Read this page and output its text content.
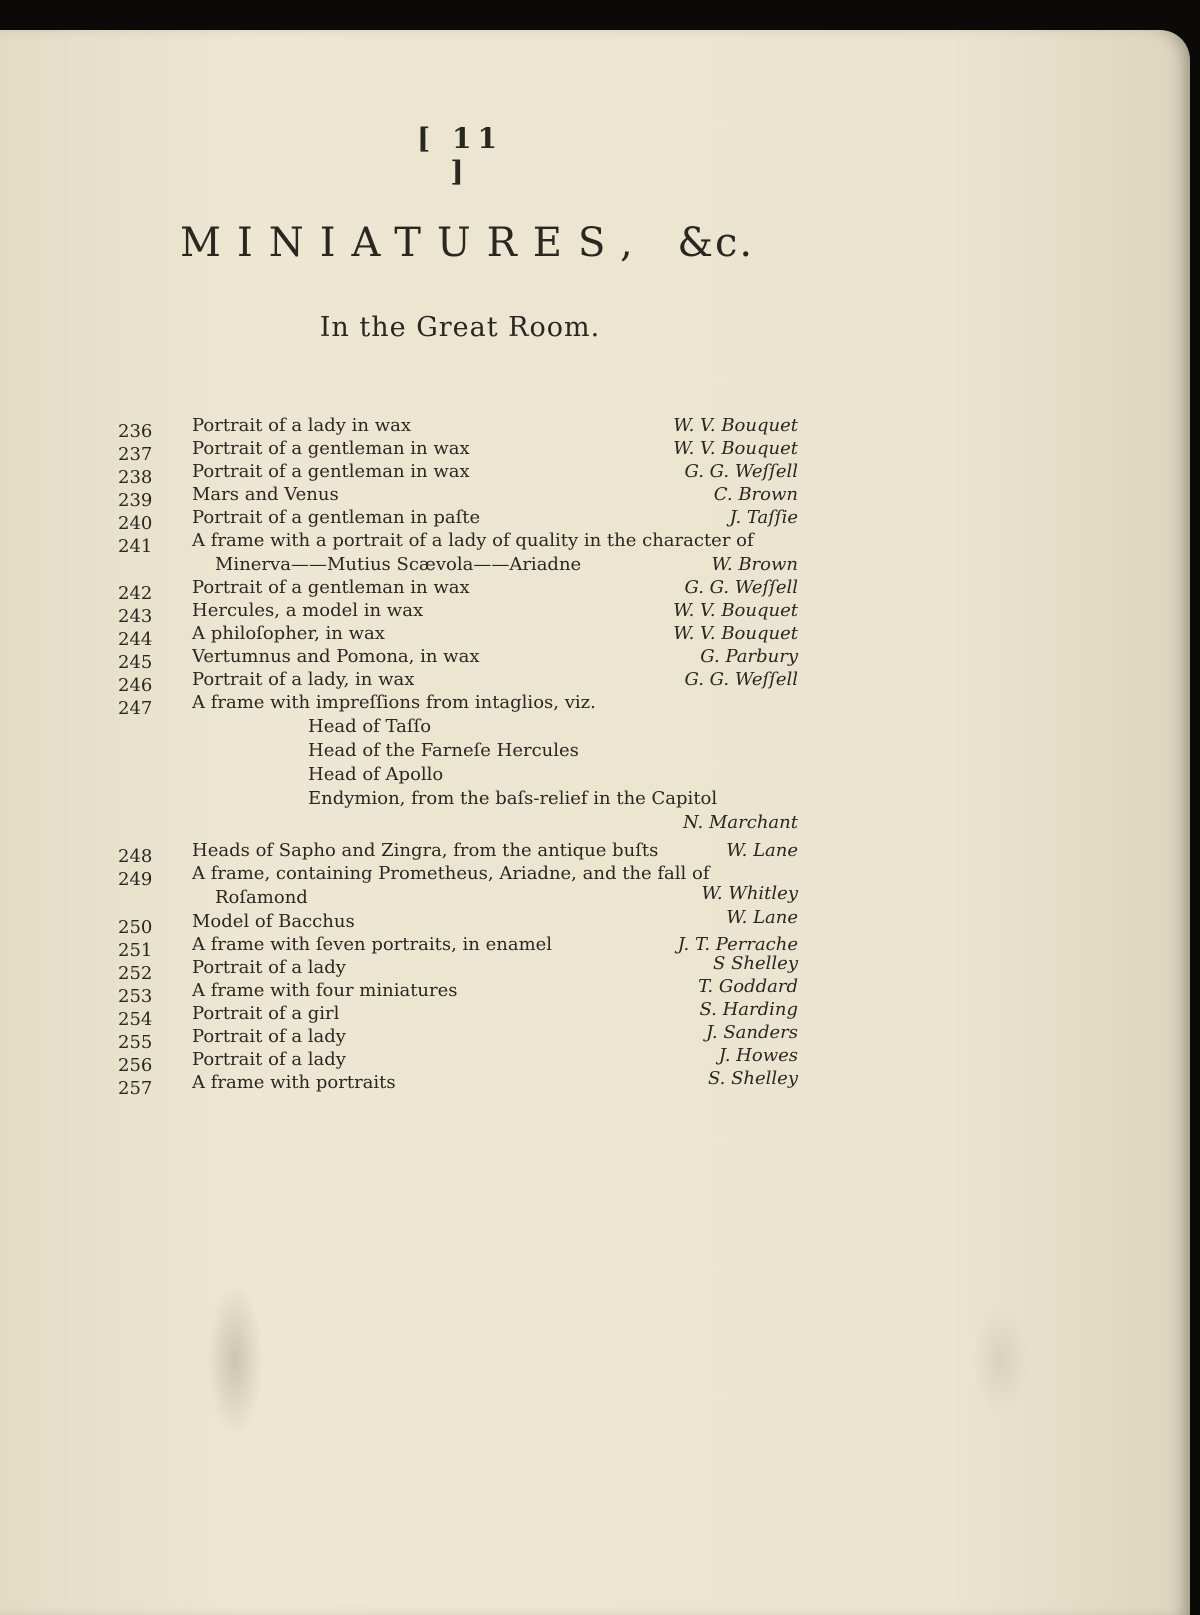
[ 11 ]
MINIATURES, &c.
In the Great Room.
236	Portrait of a lady in wax	W. V. Bouquet
237	Portrait of a gentleman in wax	W. V. Bouquet
238	Portrait of a gentleman in wax	G. G. Weſſell
239	Mars and Venus	C. Brown
240	Portrait of a gentleman in paſte	J. Taſſie
241	A frame with a portrait of a lady of quality in the character of
Minerva——Mutius Scævola——Ariadne	W. Brown
242	Portrait of a gentleman in wax	G. G. Weſſell
243	Hercules, a model in wax	W. V. Bouquet
244	A philoſopher, in wax	W. V. Bouquet
245	Vertumnus and Pomona, in wax	G. Parbury
246	Portrait of a lady, in wax	G. G. Weſſell
247	A frame with impreſſions from intaglios, viz.
Head of Taſſo
Head of the Farneſe Hercules
Head of Apollo
Endymion, from the baſs-relief in the Capitol
N. Marchant
248	Heads of Sapho and Zingra, from the antique buſts	W. Lane
249	A frame, containing Prometheus, Ariadne, and the fall of
Roſamond	W. Whitley
250	Model of Bacchus	W. Lane
251	A frame with ſeven portraits, in enamel	J. T. Perrache
252	Portrait of a lady	S Shelley
253	A frame with four miniatures	T. Goddard
254	Portrait of a girl	S. Harding
255	Portrait of a lady	J. Sanders
256	Portrait of a lady	J. Howes
257	A frame with portraits	S. Shelley
